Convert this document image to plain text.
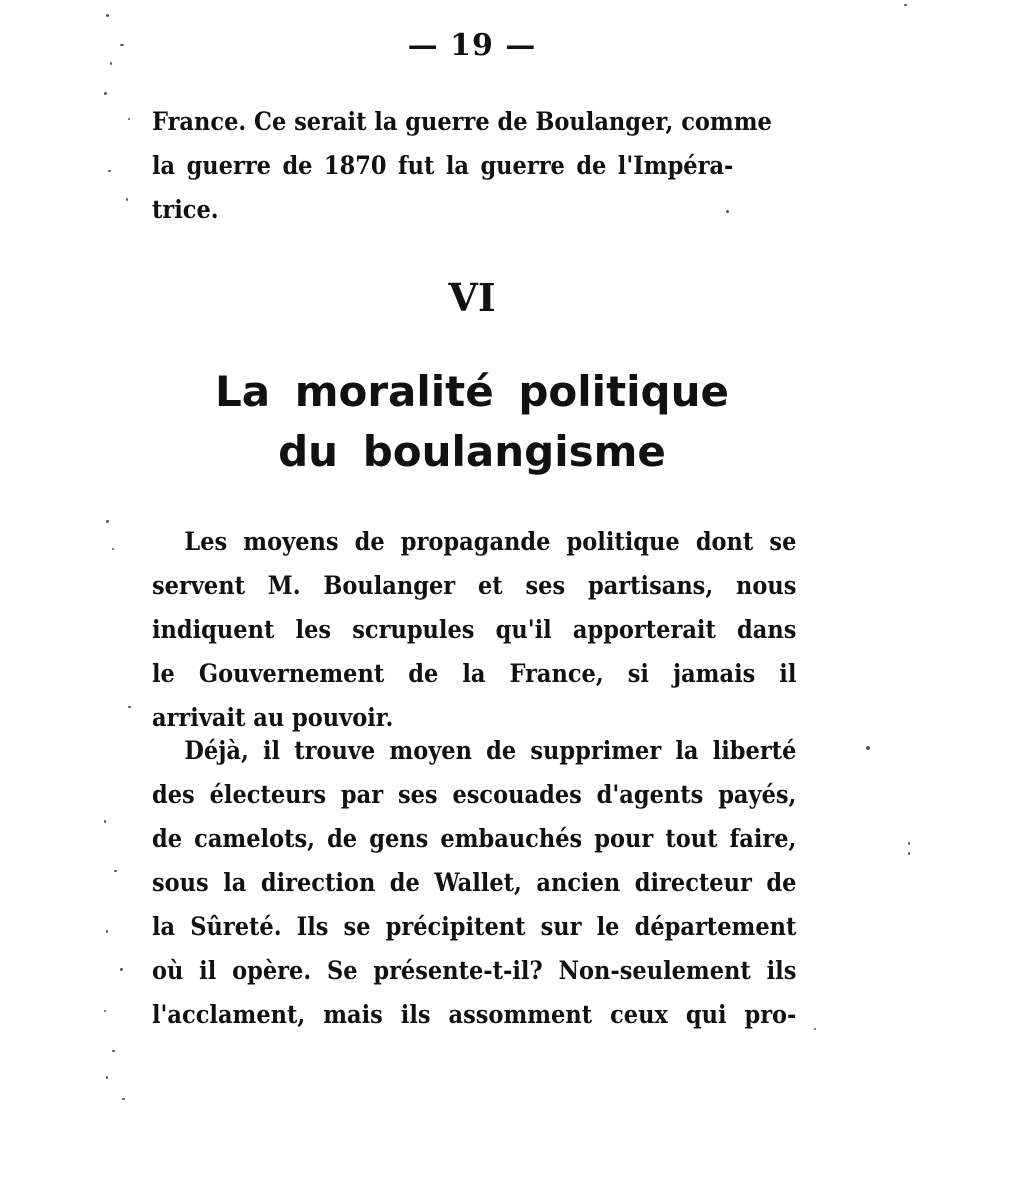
— 19 —
France. Ce serait la guerre de Boulanger, comme
la guerre de 1870 fut la guerre de l'Impéra-
trice.
VI
La moralité politique
du boulangisme
Les moyens de propagande politique dont se
servent M. Boulanger et ses partisans, nous
indiquent les scrupules qu'il apporterait dans
le Gouvernement de la France, si jamais il
arrivait au pouvoir.
Déjà, il trouve moyen de supprimer la liberté
des électeurs par ses escouades d'agents payés,
de camelots, de gens embauchés pour tout faire,
sous la direction de Wallet, ancien directeur de
la Sûreté. Ils se précipitent sur le département
où il opère. Se présente-t-il? Non-seulement ils
l'acclament, mais ils assomment ceux qui pro-
